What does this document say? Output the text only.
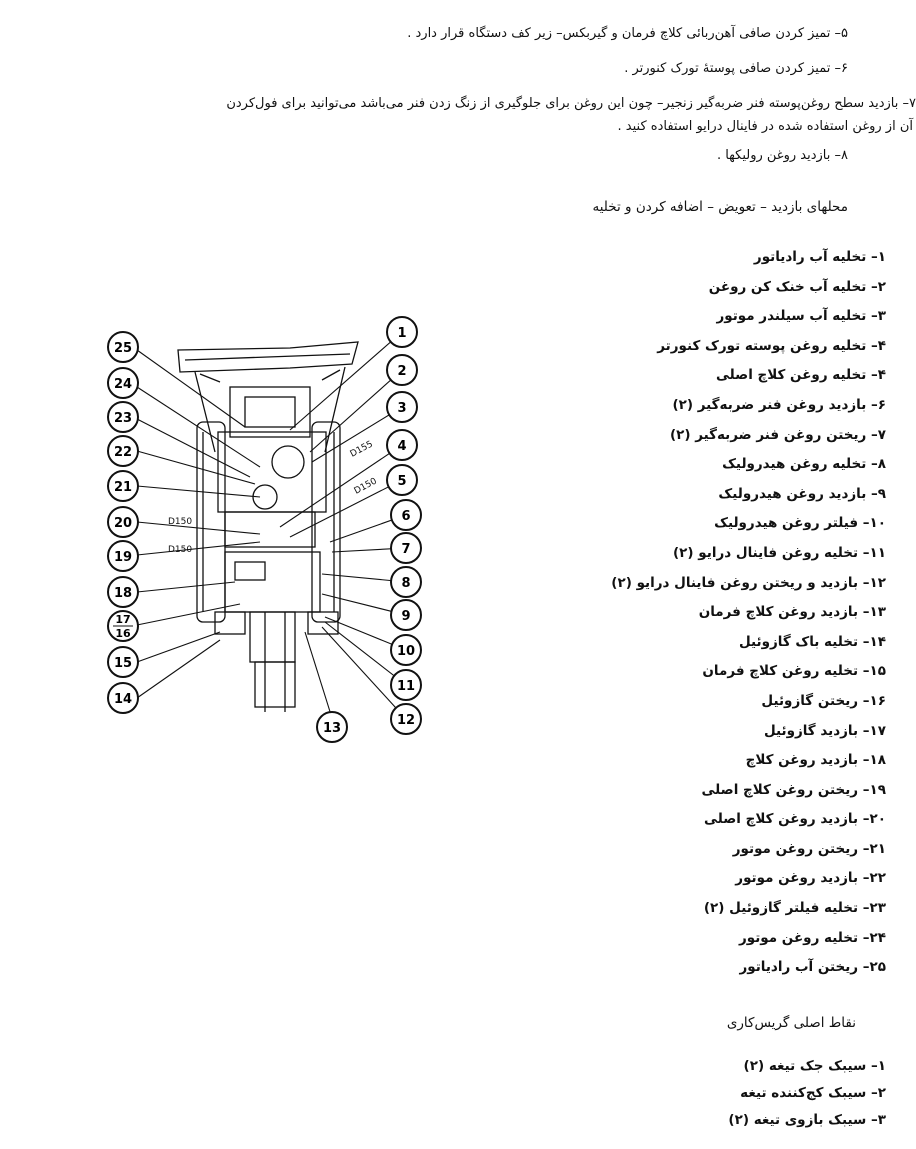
۵– تمیز کردن صافی آهن‌ربائی کلاچ فرمان و گیربکس– زیر کف دستگاه قرار دارد .
۶– تمیز کردن صافی پوستهٔ تورک کنورتر .
۷– بازدید سطح روغن‌پوسته فنر ضربه‌گیر زنجیر– چون این روغن برای جلوگیری از زنگ زدن فنر می‌باشد می‌توانید برای فول‌کردن
آن از روغن استفاده شده در فاینال درایو استفاده کنید .
۸– بازدید روغن رولیکها .
محلهای بازدید – تعویض – اضافه کردن و تخلیه
۱– تخلیه آب رادیاتور
۲– تخلیه آب خنک کن روغن
۳– تخلیه آب سیلندر موتور
۴– تخلیه روغن پوسته تورک کنورتر
۴– تخلیه روغن کلاچ اصلی
۶– بازدید روغن فنر ضربه‌گیر (۲)
۷– ریختن روغن فنر ضربه‌گیر (۲)
۸– تخلیه روغن هیدرولیک
۹– بازدید روغن هیدرولیک
۱۰– فیلتر روغن هیدرولیک
۱۱– تخلیه روغن فاینال درایو (۲)
۱۲– بازدید و ریختن روغن فاینال درایو (۲)
۱۳– بازدید روغن کلاچ فرمان
۱۴– تخلیه باک گازوئیل
۱۵– تخلیه روغن کلاچ فرمان
۱۶– ریختن گازوئیل
۱۷– بازدید گازوئیل
۱۸– بازدید روغن کلاچ
۱۹– ریختن روغن کلاچ اصلی
۲۰– بازدید روغن کلاچ اصلی
۲۱– ریختن روغن موتور
۲۲– بازدید روغن موتور
۲۳– تخلیه فیلتر گازوئیل (۲)
۲۴– تخلیه روغن موتور
۲۵– ریختن آب رادیاتور
نقاط اصلی گریس‌کاری
۱– سیبک جک تیغه (۲)
۲– سیبک کج‌کننده تیغه
۳– سیبک بازوی تیغه (۲)
25
24
23
22
21
20
19
18
17
16
15
14
1
2
3
4
5
6
7
8
9
10
11
12
13
D155
D150
D150
D150
